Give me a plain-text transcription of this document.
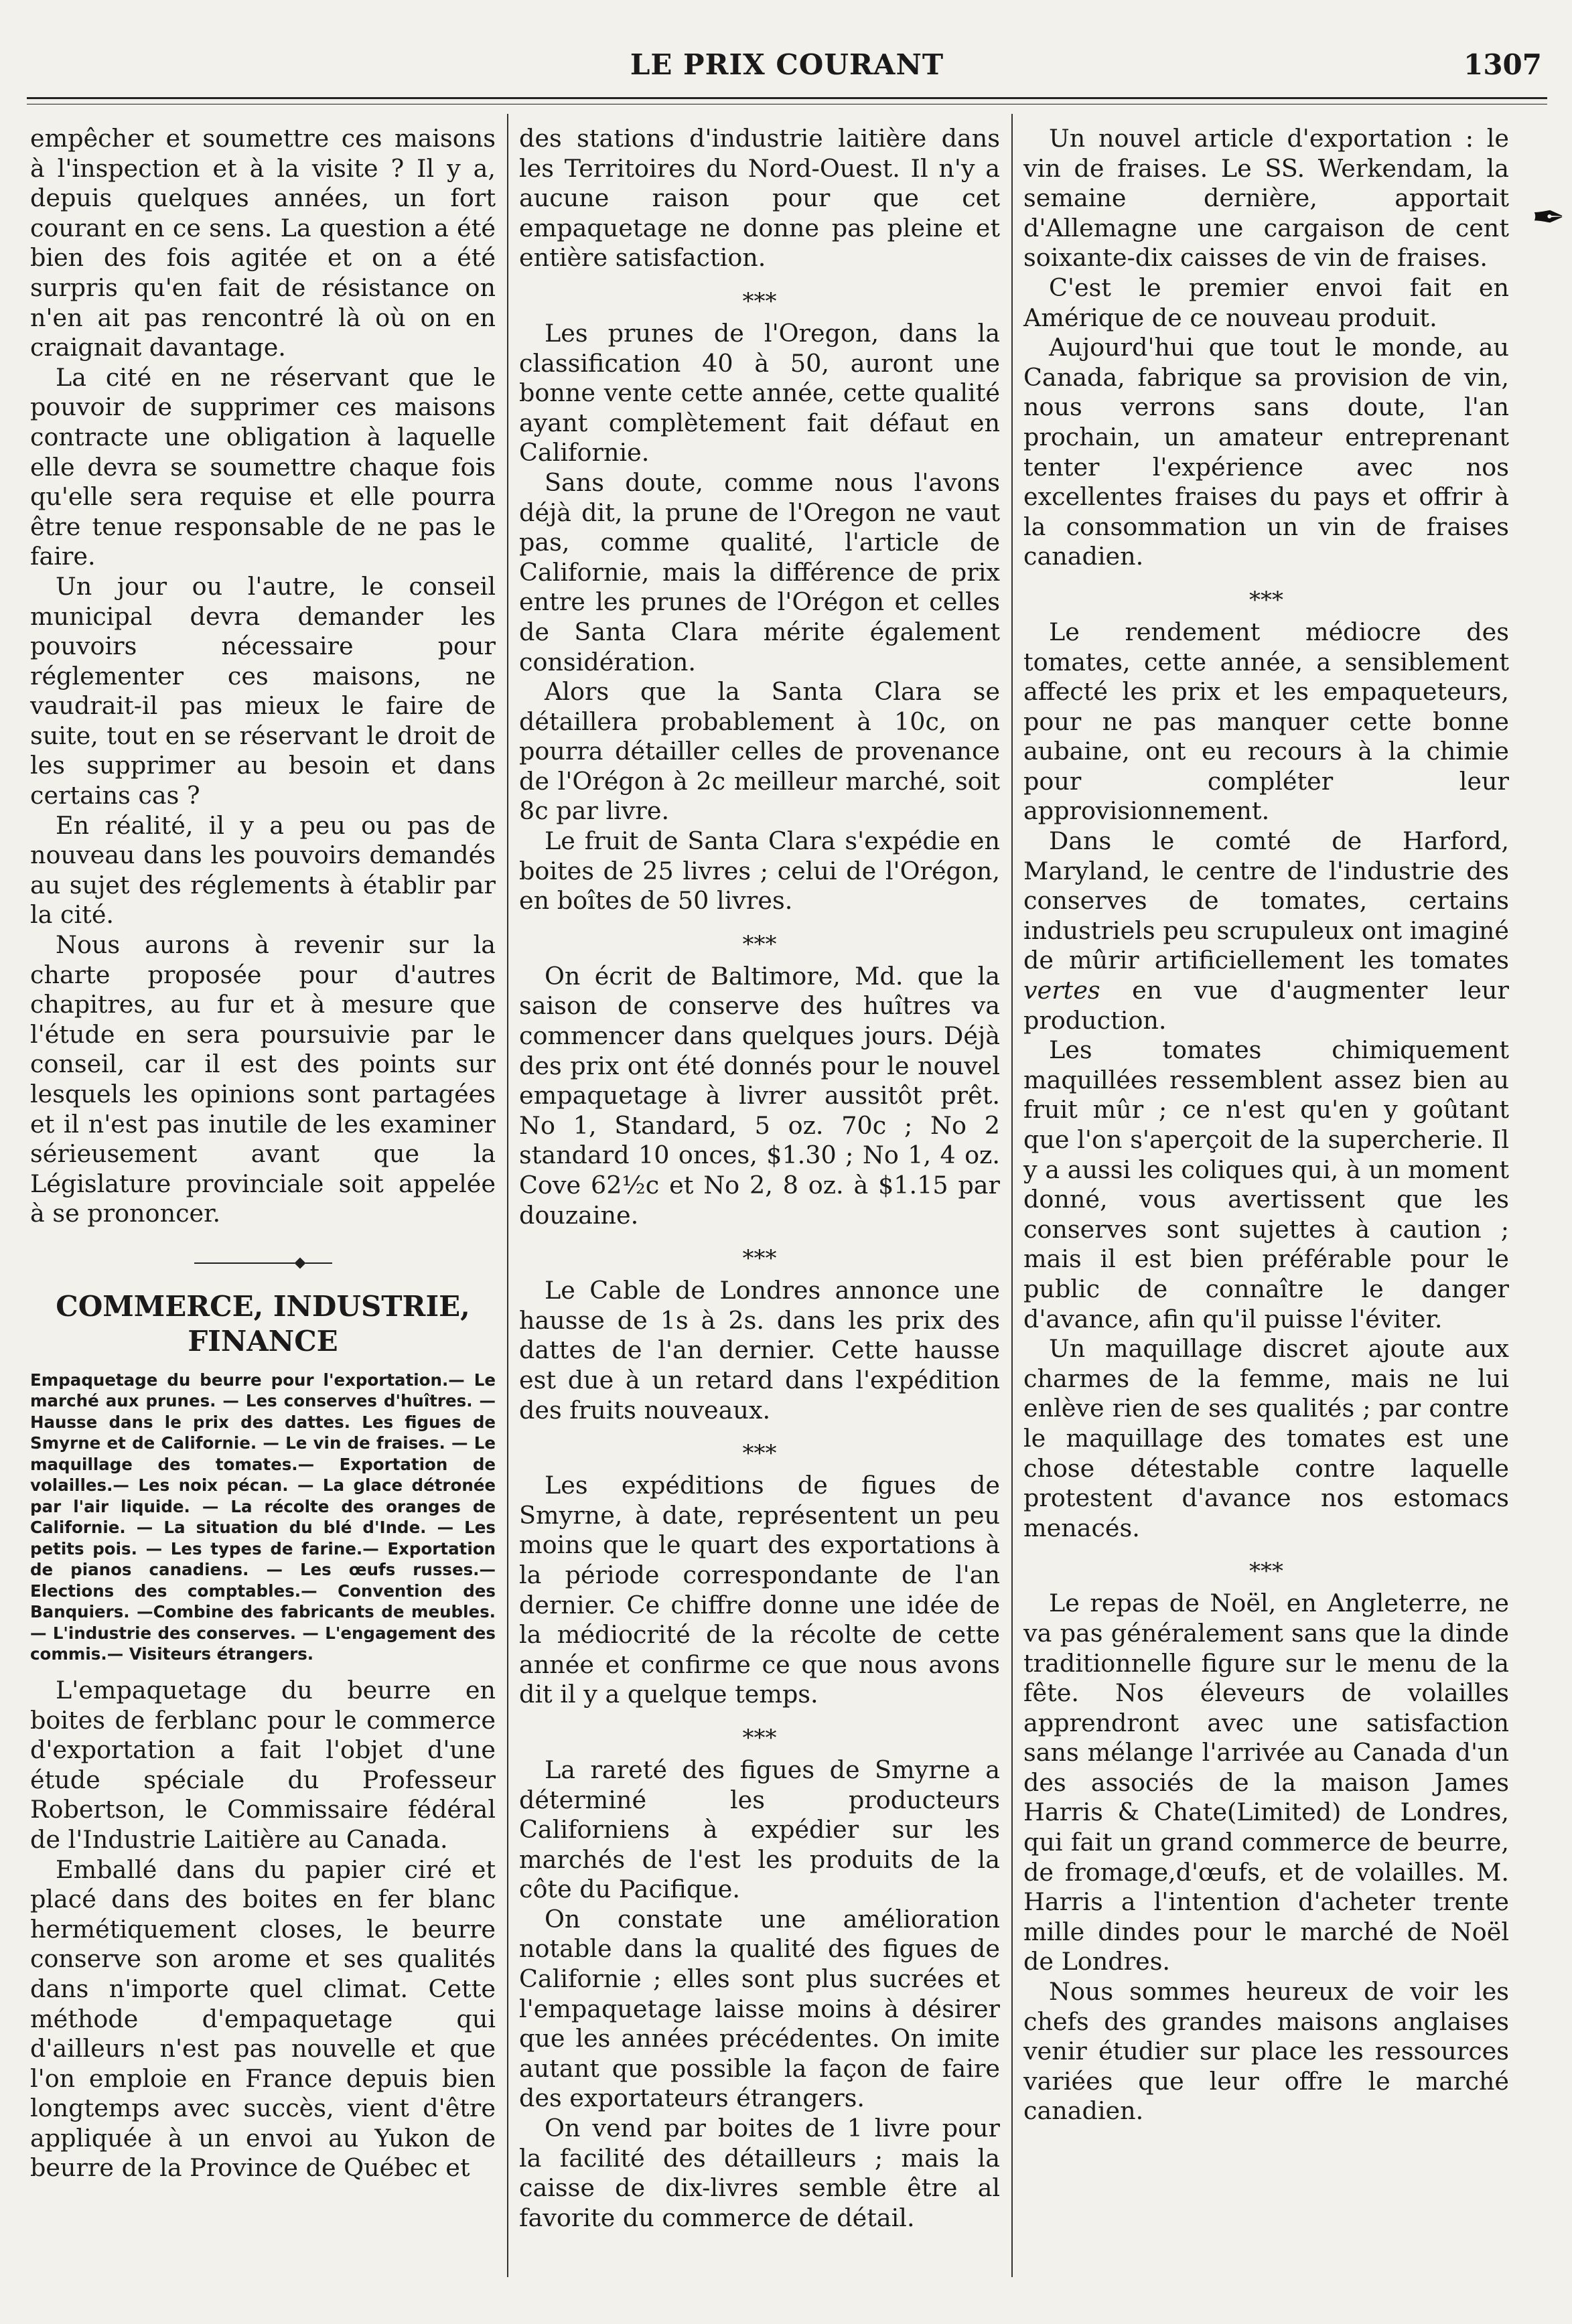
LE PRIX COURANT	1307

empêcher et soumettre ces maisons à l'inspection et à la visite ? Il y a, depuis quelques années, un fort courant en ce sens. La question a été bien des fois agitée et on a été surpris qu'en fait de résistance on n'en ait pas rencontré là où on en craignait davantage.

La cité en ne réservant que le pouvoir de supprimer ces maisons contracte une obligation à laquelle elle devra se soumettre chaque fois qu'elle sera requise et elle pourra être tenue responsable de ne pas le faire.

Un jour ou l'autre, le conseil municipal devra demander les pouvoirs nécessaire pour réglementer ces maisons, ne vaudrait-il pas mieux le faire de suite, tout en se réservant le droit de les supprimer au besoin et dans certains cas ?

En réalité, il y a peu ou pas de nouveau dans les pouvoirs demandés au sujet des réglements à établir par la cité.

Nous aurons à revenir sur la charte proposée pour d'autres chapitres, au fur et à mesure que l'étude en sera poursuivie par le conseil, car il est des points sur lesquels les opinions sont partagées et il n'est pas inutile de les examiner sérieusement avant que la Législature provinciale soit appelée à se prononcer.

COMMERCE, INDUSTRIE,
FINANCE
Empaquetage du beurre pour l'exportation.— Le marché aux prunes. — Les conserves d'huîtres. — Hausse dans le prix des dattes. Les figues de Smyrne et de Californie. — Le vin de fraises. — Le maquillage des tomates.— Exportation de volailles.— Les noix pécan. — La glace détronée par l'air liquide. — La récolte des oranges de Californie. — La situation du blé d'Inde. — Les petits pois. — Les types de farine.— Exportation de pianos canadiens. — Les œufs russes.—Elections des comptables.— Convention des Banquiers. —Combine des fabricants de meubles. — L'industrie des conserves. — L'engagement des commis.— Visiteurs étrangers.

L'empaquetage du beurre en boites de ferblanc pour le commerce d'exportation a fait l'objet d'une étude spéciale du Professeur Robertson, le Commissaire fédéral de l'Industrie Laitière au Canada.

Emballé dans du papier ciré et placé dans des boites en fer blanc hermétiquement closes, le beurre conserve son arome et ses qualités dans n'importe quel climat. Cette méthode d'empaquetage qui d'ailleurs n'est pas nouvelle et que l'on emploie en France depuis bien longtemps avec succès, vient d'être appliquée à un envoi au Yukon de beurre de la Province de Québec et

des stations d'industrie laitière dans les Territoires du Nord-Ouest. Il n'y a aucune raison pour que cet empaquetage ne donne pas pleine et entière satisfaction.

***

Les prunes de l'Oregon, dans la classification 40 à 50, auront une bonne vente cette année, cette qualité ayant complètement fait défaut en Californie.

Sans doute, comme nous l'avons déjà dit, la prune de l'Oregon ne vaut pas, comme qualité, l'article de Californie, mais la différence de prix entre les prunes de l'Orégon et celles de Santa Clara mérite également considération.

Alors que la Santa Clara se détaillera probablement à 10c, on pourra détailler celles de provenance de l'Orégon à 2c meilleur marché, soit 8c par livre.

Le fruit de Santa Clara s'expédie en boites de 25 livres ; celui de l'Orégon, en boîtes de 50 livres.

***

On écrit de Baltimore, Md. que la saison de conserve des huîtres va commencer dans quelques jours. Déjà des prix ont été donnés pour le nouvel empaquetage à livrer aussitôt prêt. No 1, Standard, 5 oz. 70c ; No 2 standard 10 onces, $1.30 ; No 1, 4 oz. Cove 62½c et No 2, 8 oz. à $1.15 par douzaine.

***

Le Cable de Londres annonce une hausse de 1s à 2s. dans les prix des dattes de l'an dernier. Cette hausse est due à un retard dans l'expédition des fruits nouveaux.

***

Les expéditions de figues de Smyrne, à date, représentent un peu moins que le quart des exportations à la période correspondante de l'an dernier. Ce chiffre donne une idée de la médiocrité de la récolte de cette année et confirme ce que nous avons dit il y a quelque temps.

***

La rareté des figues de Smyrne a déterminé les producteurs Californiens à expédier sur les marchés de l'est les produits de la côte du Pacifique.

On constate une amélioration notable dans la qualité des figues de Californie ; elles sont plus sucrées et l'empaquetage laisse moins à désirer que les années précédentes. On imite autant que possible la façon de faire des exportateurs étrangers.

On vend par boites de 1 livre pour la facilité des détailleurs ; mais la caisse de dix-livres semble être al favorite du commerce de détail.

Un nouvel article d'exportation : le vin de fraises. Le SS. Werkendam, la semaine dernière, apportait d'Allemagne une cargaison de cent soixante-dix caisses de vin de fraises.

C'est le premier envoi fait en Amérique de ce nouveau produit.

Aujourd'hui que tout le monde, au Canada, fabrique sa provision de vin, nous verrons sans doute, l'an prochain, un amateur entreprenant tenter l'expérience avec nos excellentes fraises du pays et offrir à la consommation un vin de fraises canadien.

***

Le rendement médiocre des tomates, cette année, a sensiblement affecté les prix et les empaqueteurs, pour ne pas manquer cette bonne aubaine, ont eu recours à la chimie pour compléter leur approvisionnement.

Dans le comté de Harford, Maryland, le centre de l'industrie des conserves de tomates, certains industriels peu scrupuleux ont imaginé de mûrir artificiellement les tomates vertes en vue d'augmenter leur production.

Les tomates chimiquement maquillées ressemblent assez bien au fruit mûr ; ce n'est qu'en y goûtant que l'on s'aperçoit de la supercherie. Il y a aussi les coliques qui, à un moment donné, vous avertissent que les conserves sont sujettes à caution ; mais il est bien préférable pour le public de connaître le danger d'avance, afin qu'il puisse l'éviter.

Un maquillage discret ajoute aux charmes de la femme, mais ne lui enlève rien de ses qualités ; par contre le maquillage des tomates est une chose détestable contre laquelle protestent d'avance nos estomacs menacés.

***

Le repas de Noël, en Angleterre, ne va pas généralement sans que la dinde traditionnelle figure sur le menu de la fête. Nos éleveurs de volailles apprendront avec une satisfaction sans mélange l'arrivée au Canada d'un des associés de la maison James Harris & Chate(Limited) de Londres, qui fait un grand commerce de beurre, de fromage,d'œufs, et de volailles. M. Harris a l'intention d'acheter trente mille dindes pour le marché de Noël de Londres.

Nous sommes heureux de voir les chefs des grandes maisons anglaises venir étudier sur place les ressources variées que leur offre le marché canadien.

✒
